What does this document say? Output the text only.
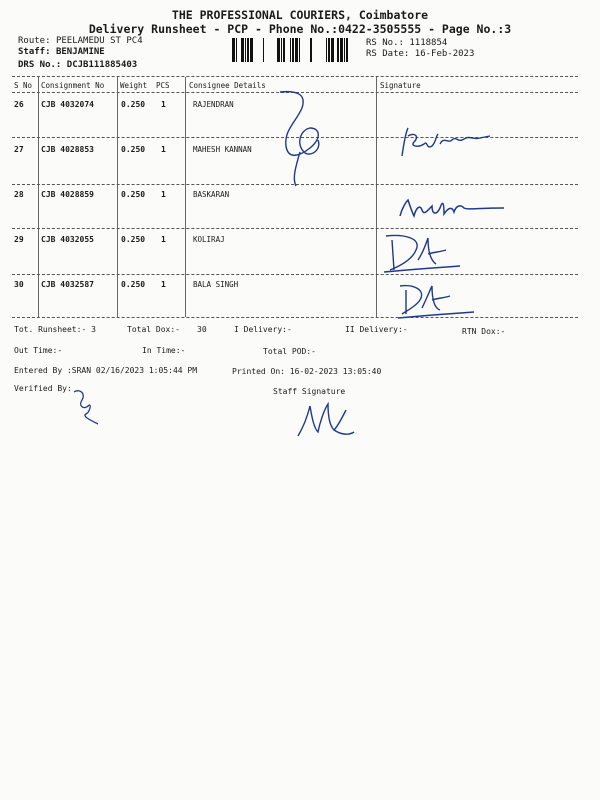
THE PROFESSIONAL COURIERS, Coimbatore
Delivery Runsheet - PCP - Phone No.:0422-3505555 - Page No.:3
Route: PEELAMEDU ST PC4
Staff: BENJAMINE
DRS No.: DCJB111885403
RS No.: 1118854
RS Date: 16-Feb-2023
S No Consignment No Weight PCS	Consignee Details	Signature
26 CJB 4032074	0.250 1	RAJENDRAN
27 CJB 4028853	0.250 1	MAHESH KANNAN
28 CJB 4028859	0.250 1	BASKARAN
29 CJB 4032055	0.250 1	KOLIRAJ
30 CJB 4032587	0.250 1	BALA SINGH
Tot. Runsheet:- 3	Total Dox:- 30	I Delivery:-	II Delivery:-	RTN Dox:-
Out Time:-	In Time:-	Total POD:-
Entered By :SRAN 02/16/2023 1:05:44 PM	Printed On: 16-02-2023 13:05:40
Verified By:	Staff Signature
